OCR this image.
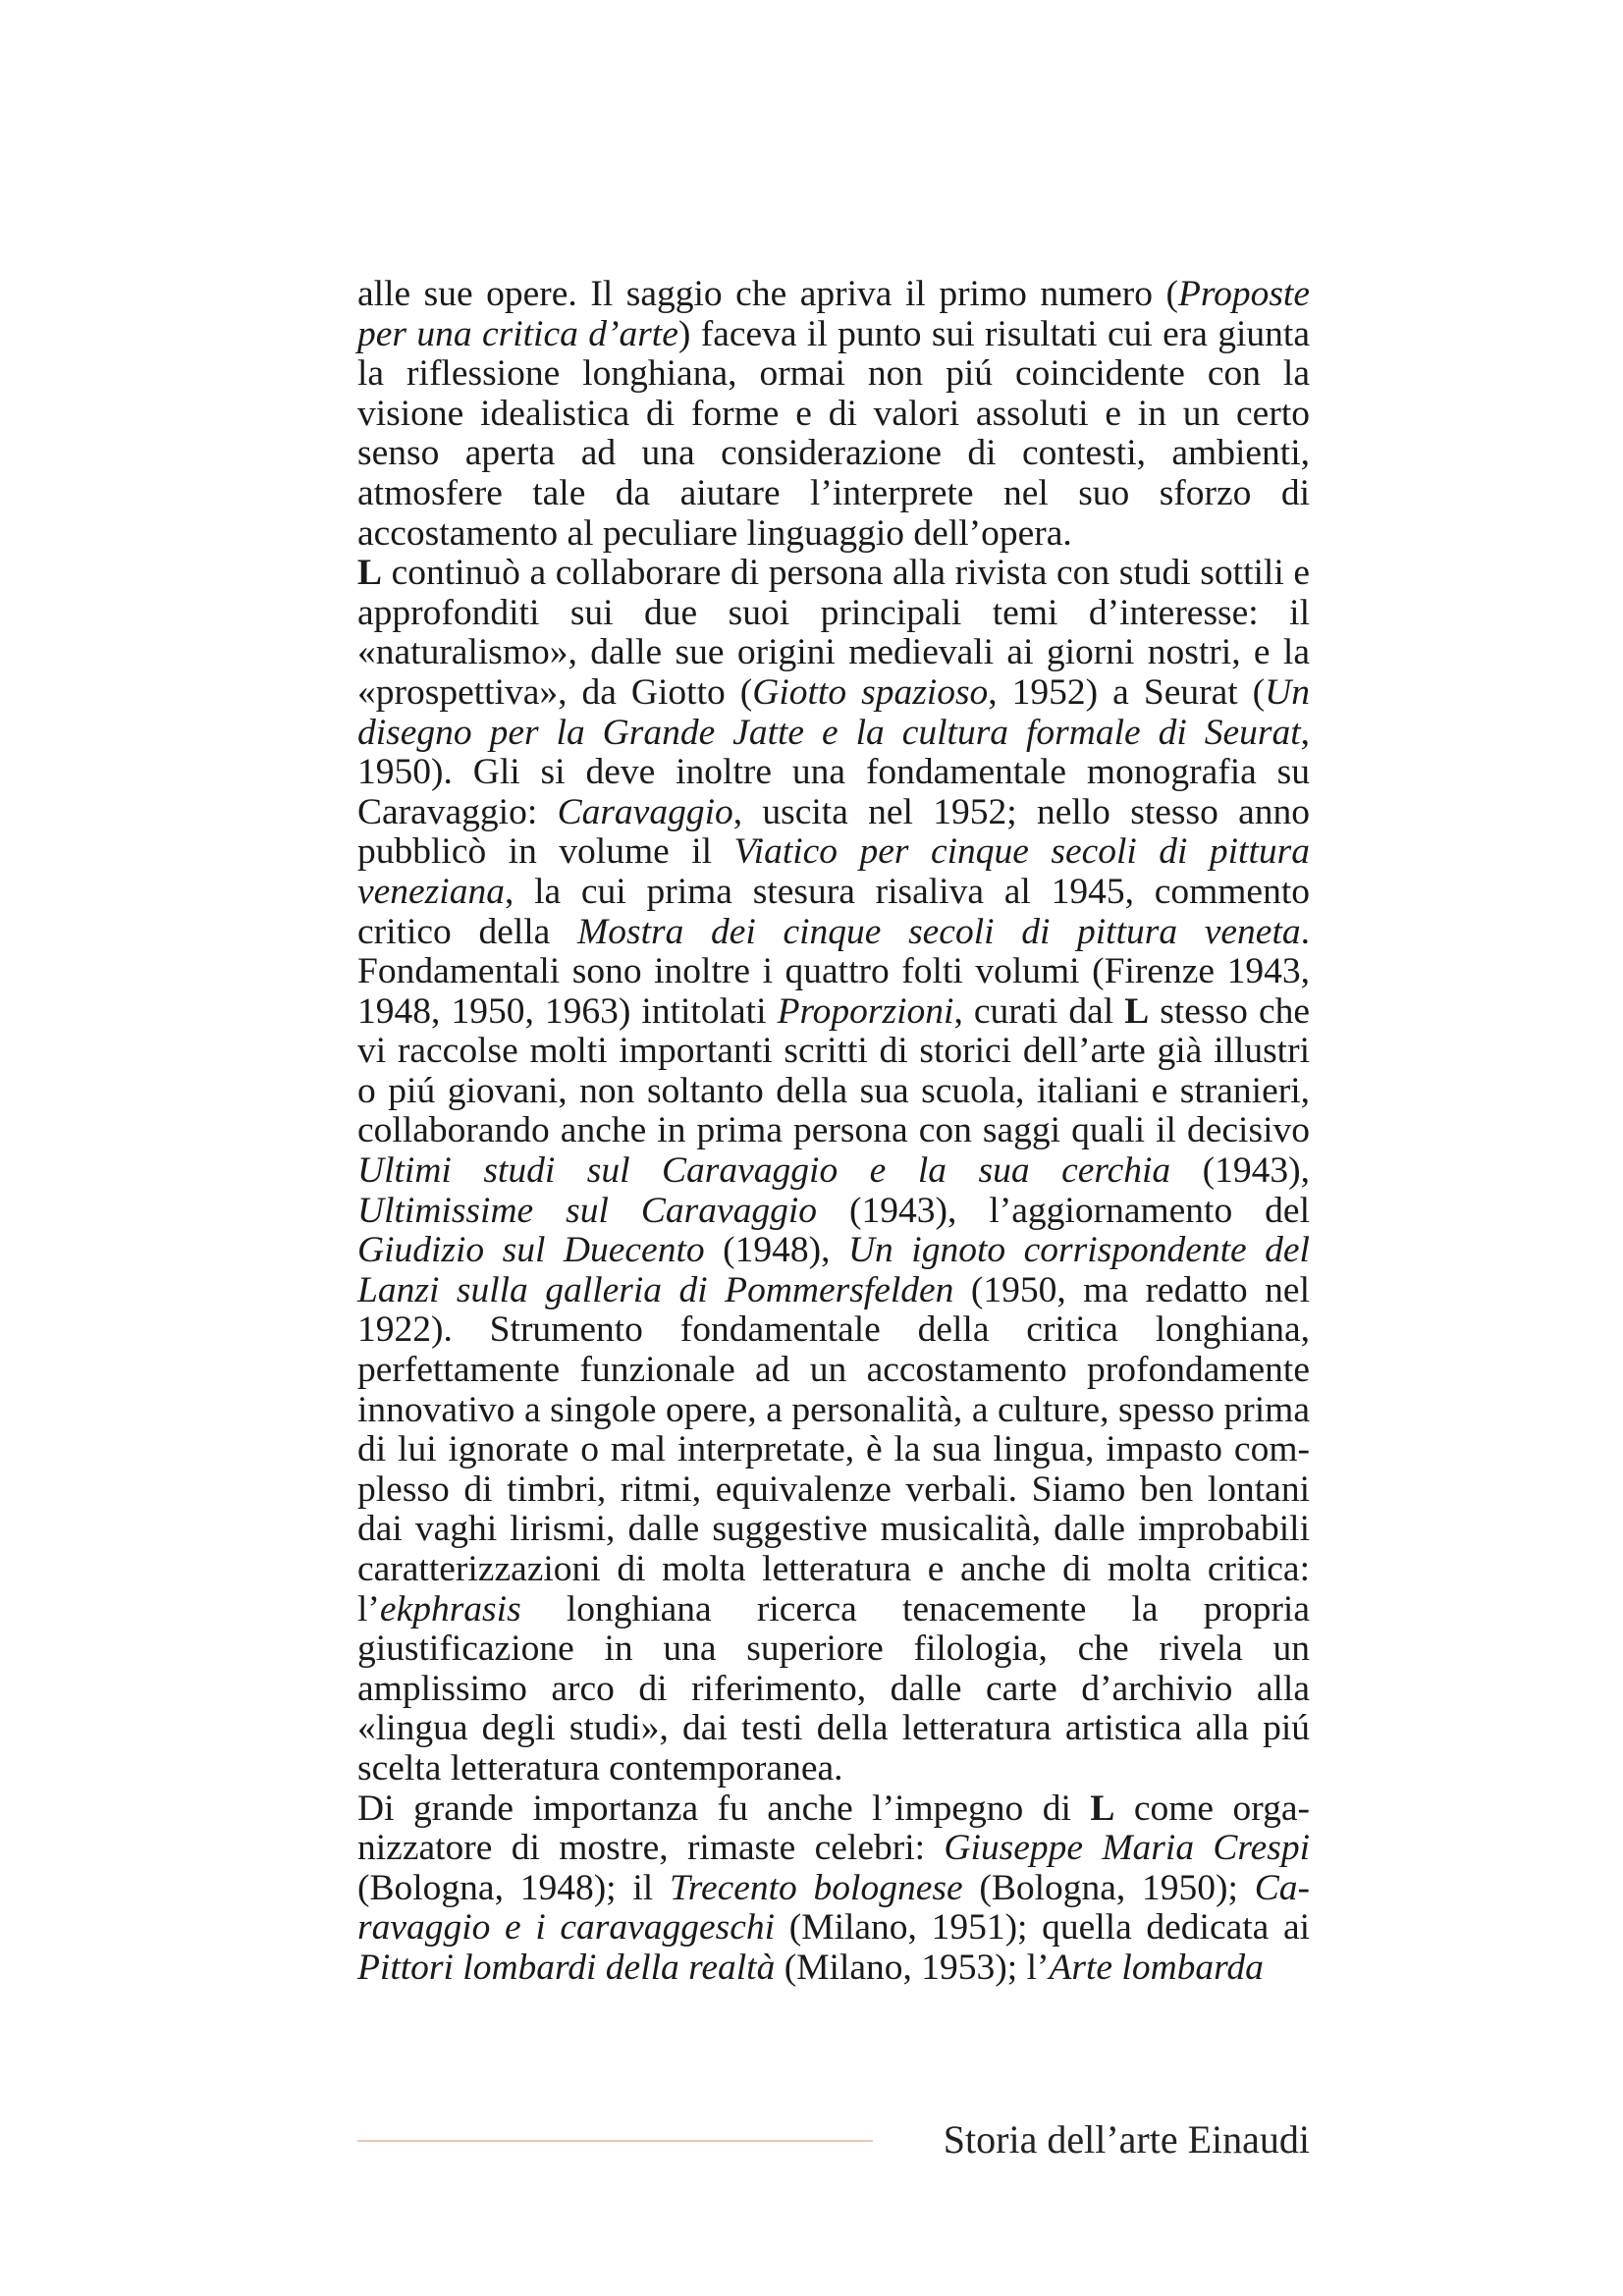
alle sue opere. Il saggio che apriva il primo numero (Proposte per una critica d’arte) faceva il punto sui risultati cui era giunta la riflessione longhiana, ormai non piú coincidente con la visione idealistica di forme e di valori assoluti e in un certo senso aperta ad una considerazione di contesti, ambienti, atmosfere tale da aiutare l’interprete nel suo sforzo di accostamento al peculiare linguaggio dell’opera.

L continuò a collaborare di persona alla rivista con studi sottili e approfonditi sui due suoi principali temi d’interesse: il «naturalismo», dalle sue origini medievali ai giorni nostri, e la «prospettiva», da Giotto (Giotto spazioso, 1952) a Seurat (Un disegno per la Grande Jatte e la cultura formale di Seurat, 1950). Gli si deve inoltre una fondamentale monografia su Caravaggio: Caravaggio, uscita nel 1952; nello stesso anno pubblicò in volume il Viatico per cinque secoli di pittura veneziana, la cui prima stesura risaliva al 1945, commento critico della Mostra dei cinque secoli di pittura veneta. Fondamentali sono inoltre i quattro folti volumi (Firenze 1943, 1948, 1950, 1963) intitolati Proporzioni, curati dal L stesso che vi raccolse molti importanti scritti di storici dell’arte già illustri o piú giovani, non soltanto della sua scuola, italiani e stranieri, collaborando anche in prima persona con saggi quali il decisivo Ultimi studi sul Caravaggio e la sua cerchia (1943), Ultimissime sul Caravaggio (1943), l’aggiornamento del Giudizio sul Duecento (1948), Un ignoto corrispondente del Lanzi sulla galleria di Pommersfelden (1950, ma redatto nel 1922). Strumento fondamentale della critica longhiana, perfettamente funzionale ad un accostamento profondamente innovativo a singole opere, a personalità, a culture, spesso prima di lui ignorate o mal interpretate, è la sua lingua, impasto complesso di timbri, ritmi, equivalenze verbali. Siamo ben lontani dai vaghi lirismi, dalle suggestive musicalità, dalle improbabili caratterizzazioni di molta letteratura e anche di molta critica: l’ekphrasis longhiana ricerca tenacemente la propria giustificazione in una superiore filologia, che rivela un amplissimo arco di riferimento, dalle carte d’archivio alla «lingua degli studi», dai testi della letteratura artistica alla piú scelta letteratura contemporanea.

Di grande importanza fu anche l’impegno di L come organizzatore di mostre, rimaste celebri: Giuseppe Maria Crespi (Bologna, 1948); il Trecento bolognese (Bologna, 1950); Caravaggio e i caravaggeschi (Milano, 1951); quella dedicata ai Pittori lombardi della realtà (Milano, 1953); l’Arte lombarda

Storia dell’arte Einaudi
